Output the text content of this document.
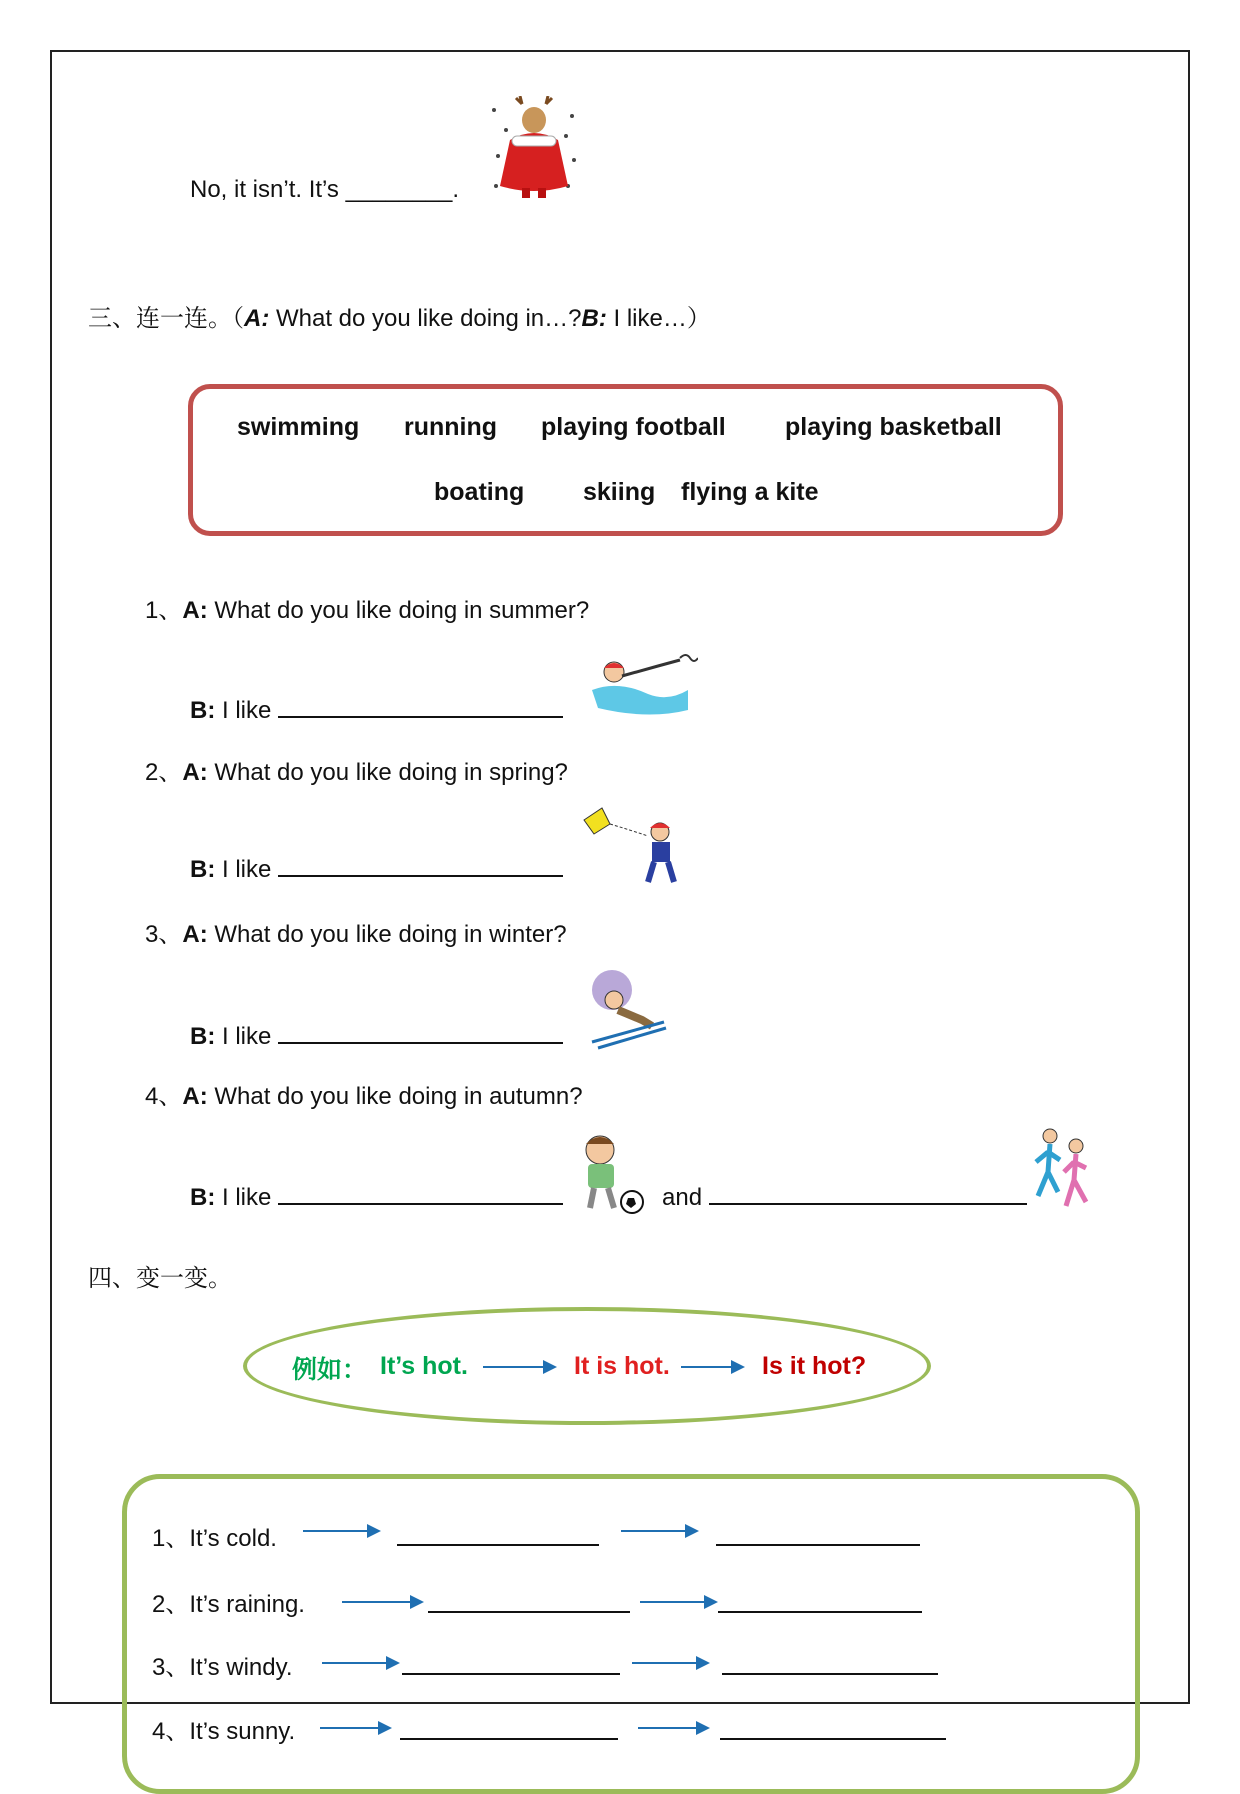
No, it isn’t. It’s ________.
三、连一连。（A: What do you like doing in…?B: I like…）
swimming running playing football playing basketball
boating skiing flying a kite
1、A: What do you like doing in summer?
B: I like
2、A: What do you like doing in spring?
B: I like
3、A: What do you like doing in winter?
B: I like
4、A: What do you like doing in autumn?
B: I like	and
四、变一变。
例如： It’s hot.	It is hot.	Is it hot?
1、It’s cold.
2、It’s raining.
3、It’s windy.
4、It’s sunny.
